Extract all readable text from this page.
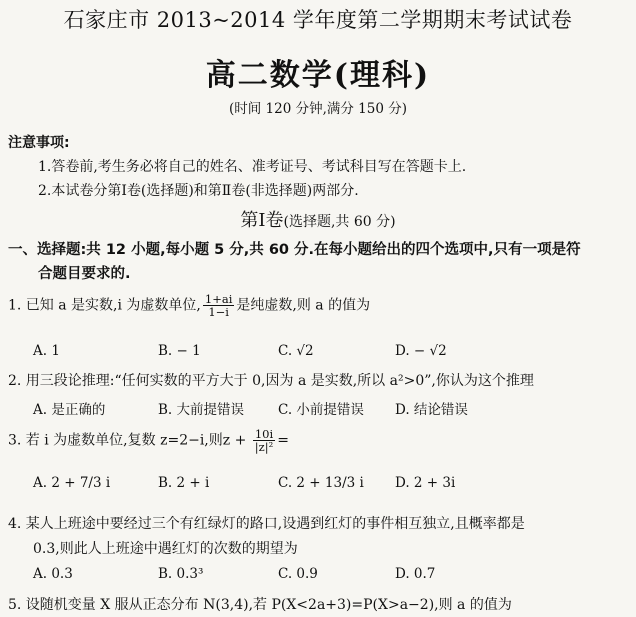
石家庄市 2013~2014 学年度第二学期期末考试试卷
高二数学(理科)
(时间 120 分钟,满分 150 分)
注意事项:
1.答卷前,考生务必将自己的姓名、准考证号、考试科目写在答题卡上.
2.本试卷分第Ⅰ卷(选择题)和第Ⅱ卷(非选择题)两部分.
第Ⅰ卷(选择题,共 60 分)
一、选择题:共 12 小题,每小题 5 分,共 60 分.在每小题给出的四个选项中,只有一项是符
合题目要求的.
1. 已知 a 是实数,i 为虚数单位, $\frac{1+ai}{1-i}$ 是纯虚数,则 a 的值为
A. 1	B. − 1	C. √2	D. − √2
2. 用三段论推理:“任何实数的平方大于 0,因为 a 是实数,所以 a²>0”,你认为这个推理
A. 是正确的	B. 大前提错误	C. 小前提错误 D. 结论错误
3. 若 i 为虚数单位,复数 z=2−i,则$z + \frac{10i}{\text{|z|²}}$ =
A. 2 + 7/3 i	B. 2 + i	C. 2 + 13/3 i D. 2 + 3i
4. 某人上班途中要经过三个有红绿灯的路口,设遇到红灯的事件相互独立,且概率都是
0.3,则此人上班途中遇红灯的次数的期望为
A. 0.3	B. 0.3³	C. 0.9	D. 0.7
5. 设随机变量 X 服从正态分布 N(3,4),若 P(X<2a+3)=P(X>a−2),则 a 的值为
